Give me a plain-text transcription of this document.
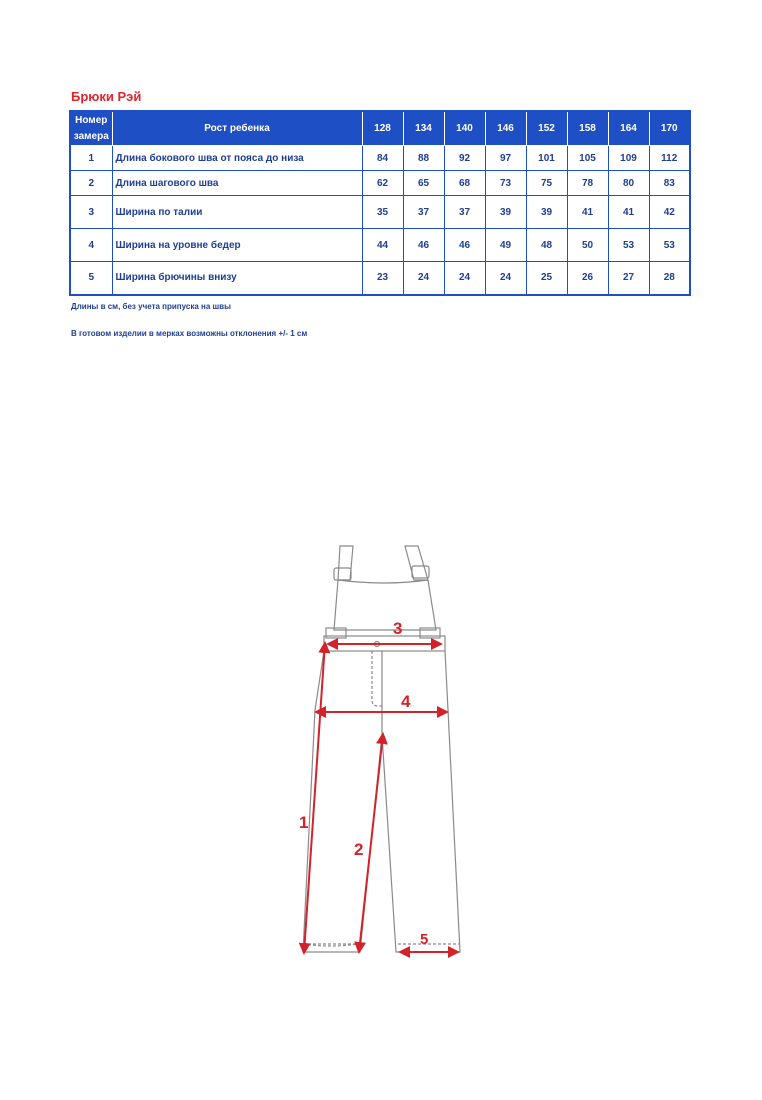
Брюки Рэй
Номер
замера	Рост ребенка	128	134	140	146	152	158	164	170
1	Длина бокового шва от пояса до низа	84	88	92	97	101	105	109	112
2	Длина шагового шва	62	65	68	73	75	78	80	83
3	Ширина по талии	35	37	37	39	39	41	41	42
4	Ширина на уровне бедер	44	46	46	49	48	50	53	53
5	Ширина брючины внизу	23	24	24	24	25	26	27	28
Длины в см, без учета припуска на швы
В готовом изделии в мерках возможны отклонения +/- 1 см
1
2
3
4
5
